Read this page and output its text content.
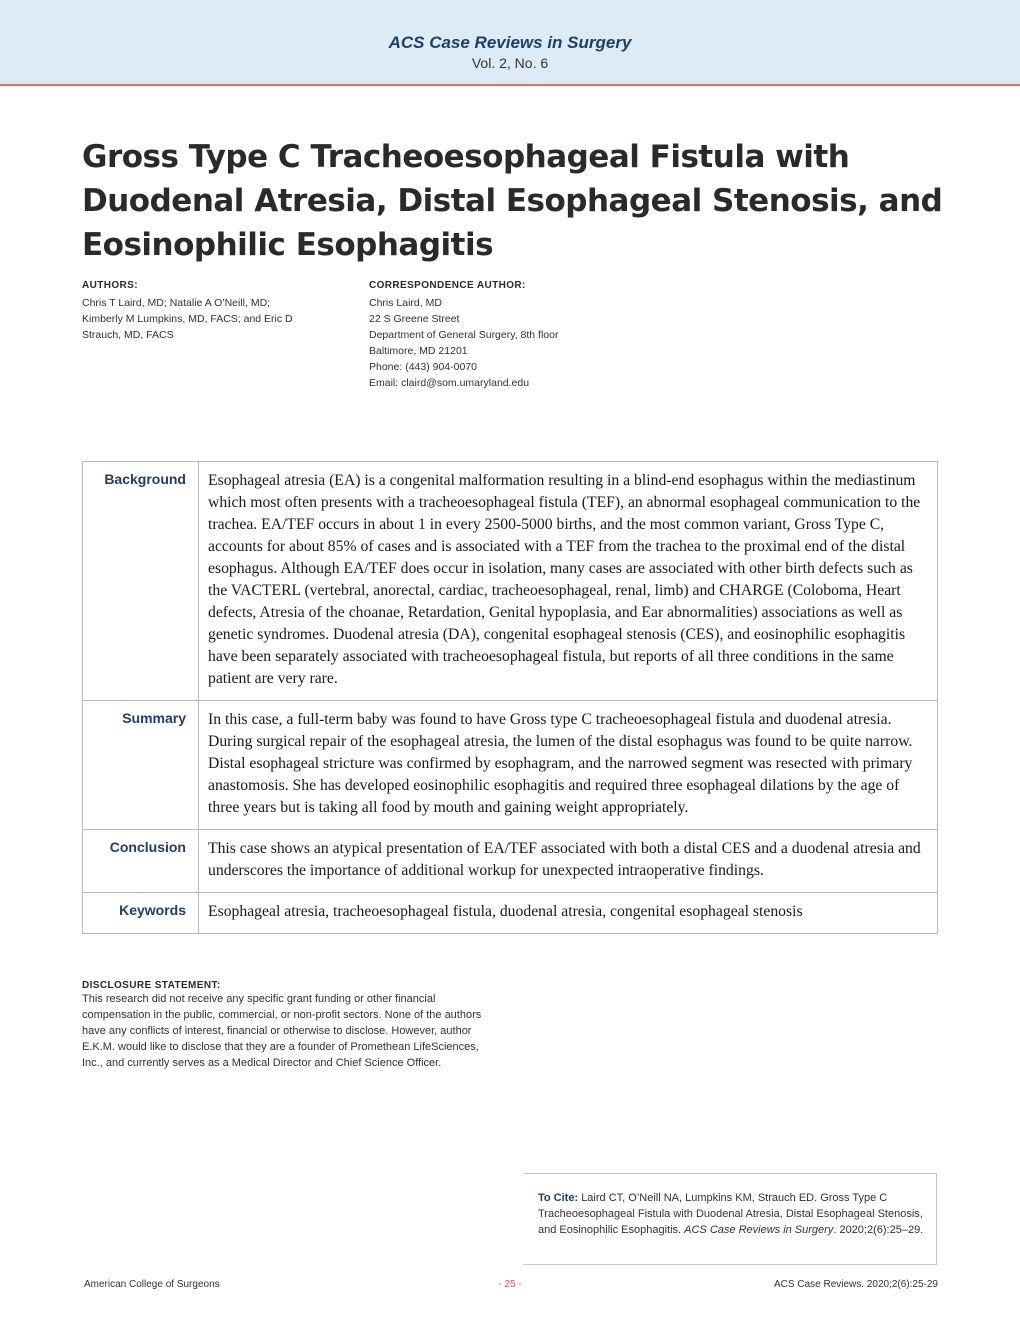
ACS Case Reviews in Surgery
Vol. 2, No. 6
Gross Type C Tracheoesophageal Fistula with Duodenal Atresia, Distal Esophageal Stenosis, and Eosinophilic Esophagitis
AUTHORS:
Chris T Laird, MD; Natalie A O’Neill, MD;
Kimberly M Lumpkins, MD, FACS; and Eric D
Strauch, MD, FACS
CORRESPONDENCE AUTHOR:
Chris Laird, MD
22 S Greene Street
Department of General Surgery, 8th floor
Baltimore, MD 21201
Phone: (443) 904-0070
Email: claird@som.umaryland.edu
Background	Esophageal atresia (EA) is a congenital malformation resulting in a blind-end esophagus within the mediastinum which most often presents with a tracheoesophageal fistula (TEF), an abnormal esophageal communication to the trachea. EA/TEF occurs in about 1 in every 2500-5000 births, and the most common variant, Gross Type C, accounts for about 85% of cases and is associated with a TEF from the trachea to the proximal end of the distal esophagus. Although EA/TEF does occur in isolation, many cases are associated with other birth defects such as the VACTERL (vertebral, anorectal, cardiac, tracheoesophageal, renal, limb) and CHARGE (Coloboma, Heart defects, Atresia of the choanae, Retardation, Genital hypoplasia, and Ear abnormalities) associations as well as genetic syndromes. Duodenal atresia (DA), congenital esophageal stenosis (CES), and eosinophilic esophagitis have been separately associated with tracheoesophageal fistula, but reports of all three conditions in the same patient are very rare.
Summary	In this case, a full-term baby was found to have Gross type C tracheoesophageal fistula and duodenal atresia. During surgical repair of the esophageal atresia, the lumen of the distal esophagus was found to be quite narrow. Distal esophageal stricture was confirmed by esophagram, and the narrowed segment was resected with primary anastomosis. She has developed eosinophilic esophagitis and required three esophageal dilations by the age of three years but is taking all food by mouth and gaining weight appropriately.
Conclusion	This case shows an atypical presentation of EA/TEF associated with both a distal CES and a duodenal atresia and underscores the importance of additional workup for unexpected intraoperative findings.
Keywords	Esophageal atresia, tracheoesophageal fistula, duodenal atresia, congenital esophageal stenosis
DISCLOSURE STATEMENT:
This research did not receive any specific grant funding or other financial compensation in the public, commercial, or non-profit sectors. None of the authors have any conflicts of interest, financial or otherwise to disclose. However, author E.K.M. would like to disclose that they are a founder of Promethean LifeSciences, Inc., and currently serves as a Medical Director and Chief Science Officer.
To Cite: Laird CT, O’Neill NA, Lumpkins KM, Strauch ED. Gross Type C Tracheoesophageal Fistula with Duodenal Atresia, Distal Esophageal Stenosis, and Eosinophilic Esophagitis. ACS Case Reviews in Surgery. 2020;2(6):25–29.
American College of Surgeons	- 25 -	ACS Case Reviews. 2020;2(6):25-29
